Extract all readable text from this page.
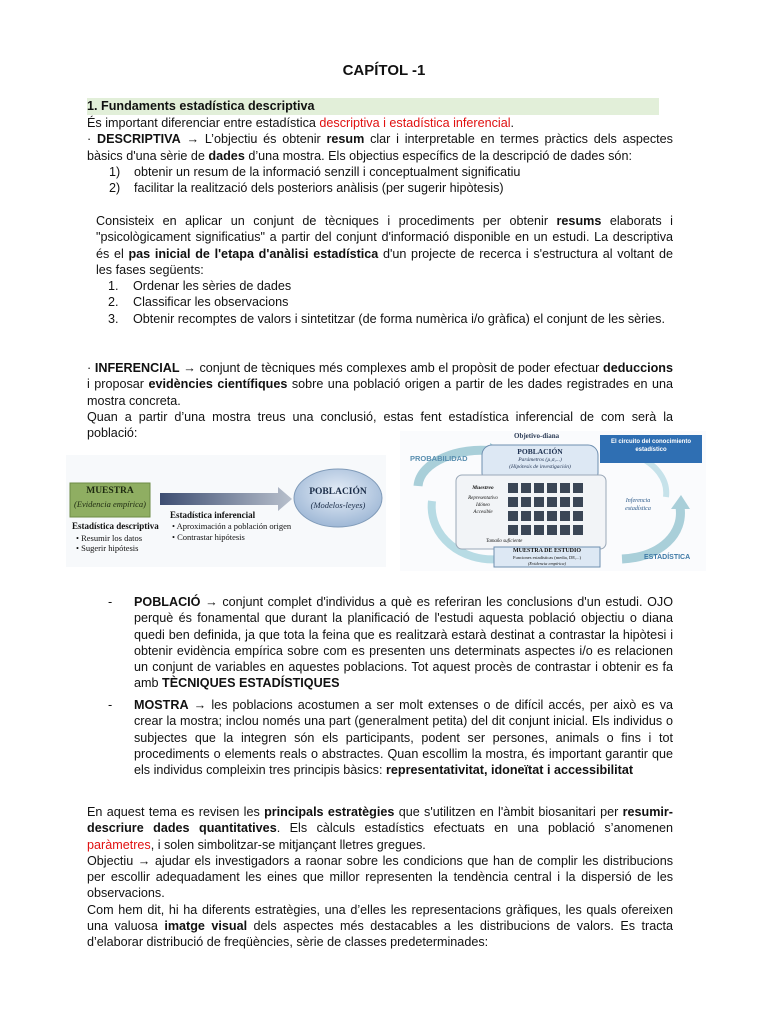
CAPÍTOL -1
1. Fundaments estadística descriptiva
És important diferenciar entre estadística descriptiva i estadística inferencial.
· DESCRIPTIVA → L’objectiu és obtenir resum clar i interpretable en termes pràctics dels aspectes bàsics d'una sèrie de dades d’una mostra. Els objectius específics de la descripció de dades són:
1) obtenir un resum de la informació senzill i conceptualment significatiu
2) facilitar la realització dels posteriors anàlisis (per sugerir hipòtesis)
Consisteix en aplicar un conjunt de tècniques i procediments per obtenir resums elaborats i "psicològicament significatius" a partir del conjunt d'informació disponible en un estudi. La descriptiva és el pas inicial de l'etapa d'anàlisi estadística d'un projecte de recerca i s'estructura al voltant de les fases següents:
1. Ordenar les sèries de dades
2. Classificar les observacions
3. Obtenir recomptes de valors i sintetitzar (de forma numèrica i/o gràfica) el conjunt de les sèries.
· INFERENCIAL → conjunt de tècniques més complexes amb el propòsit de poder efectuar deduccions i proposar evidències científiques sobre una població origen a partir de les dades registrades en una mostra concreta.
Quan a partir d’una mostra treus una conclusió, estas fent estadística inferencial de com serà la població:
MUESTRA
(Evidencia empírica)
Estadística descriptiva
• Resumir los datos
• Sugerir hipótesis
Estadística inferencial
• Aproximación a población origen
• Contrastar hipótesis
POBLACIÓN
(Modelos-leyes)
Objetivo-diana
PROBABILIDAD
POBLACIÓN
Parámetros (µ,σ,...)
(Hipótesis de investigación)
Muestreo
Representativo
Idóneo
Accesible
El circuito del conocimiento estadístico
Inferencia estadística
ESTADÍSTICA
Tamaño suficiente
MUESTRA DE ESTUDIO
Funciones estadísticas (media, DE,...)
(Evidencia empírica)
- POBLACIÓ → conjunt complet d'individus a què es referiran les conclusions d'un estudi. OJO perquè és fonamental que durant la planificació de l'estudi aquesta població objectiu o diana quedi ben definida, ja que tota la feina que es realitzarà estarà destinat a contrastar la hipòtesi i obtenir evidència empírica sobre com es presenten uns determinats aspectes i/o es relacionen un conjunt de variables en aquestes poblacions. Tot aquest procès de contrastar i obtenir es fa amb TÈCNIQUES ESTADÍSTIQUES
- MOSTRA → les poblacions acostumen a ser molt extenses o de difícil accés, per això es va crear la mostra; inclou només una part (generalment petita) del dit conjunt inicial. Els individus o subjectes que la integren són els participants, podent ser persones, animals o fins i tot procediments o elements reals o abstractes. Quan escollim la mostra, és important garantir que els individus compleixin tres principis bàsics: representativitat, idoneïtat i accessibilitat
En aquest tema es revisen les principals estratègies que s'utilitzen en l'àmbit biosanitari per resumir-descriure dades quantitatives. Els càlculs estadístics efectuats en una població s’anomenen paràmetres, i solen simbolitzar-se mitjançant lletres gregues.
Objectiu → ajudar els investigadors a raonar sobre les condicions que han de complir les distribucions per escollir adequadament les eines que millor representen la tendència central i la dispersió de les observacions.
Com hem dit, hi ha diferents estratègies, una d’elles les representacions gràfiques, les quals ofereixen una valuosa imatge visual dels aspectes més destacables a les distribucions de valors. Es tracta d’elaborar distribució de freqüències, sèrie de classes predeterminades:
